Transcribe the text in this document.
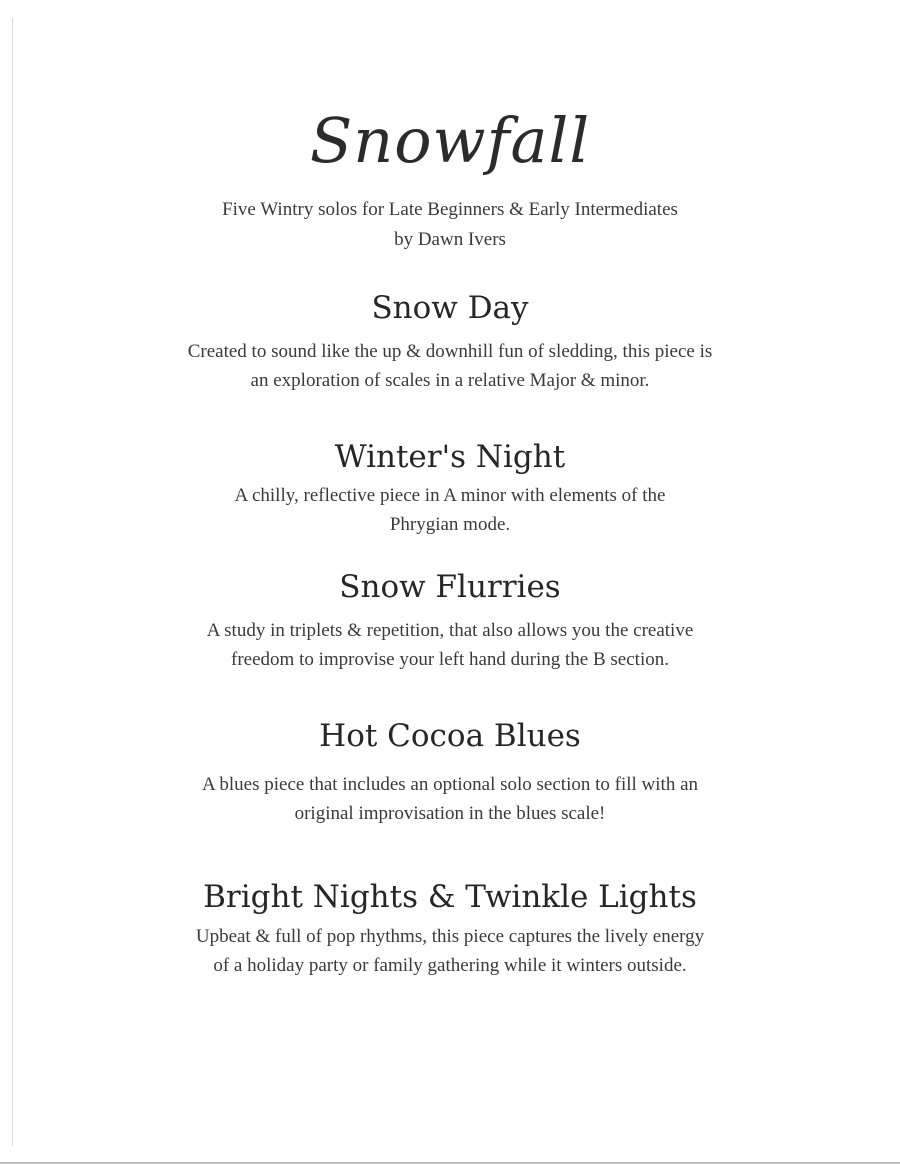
Snowfall
Five Wintry solos for Late Beginners & Early Intermediates
by Dawn Ivers
Snow Day
Created to sound like the up & downhill fun of sledding, this piece is
an exploration of scales in a relative Major & minor.
Winter's Night
A chilly, reflective piece in A minor with elements of the
Phrygian mode.
Snow Flurries
A study in triplets & repetition, that also allows you the creative
freedom to improvise your left hand during the B section.
Hot Cocoa Blues
A blues piece that includes an optional solo section to fill with an
original improvisation in the blues scale!
Bright Nights & Twinkle Lights
Upbeat & full of pop rhythms, this piece captures the lively energy
of a holiday party or family gathering while it winters outside.
